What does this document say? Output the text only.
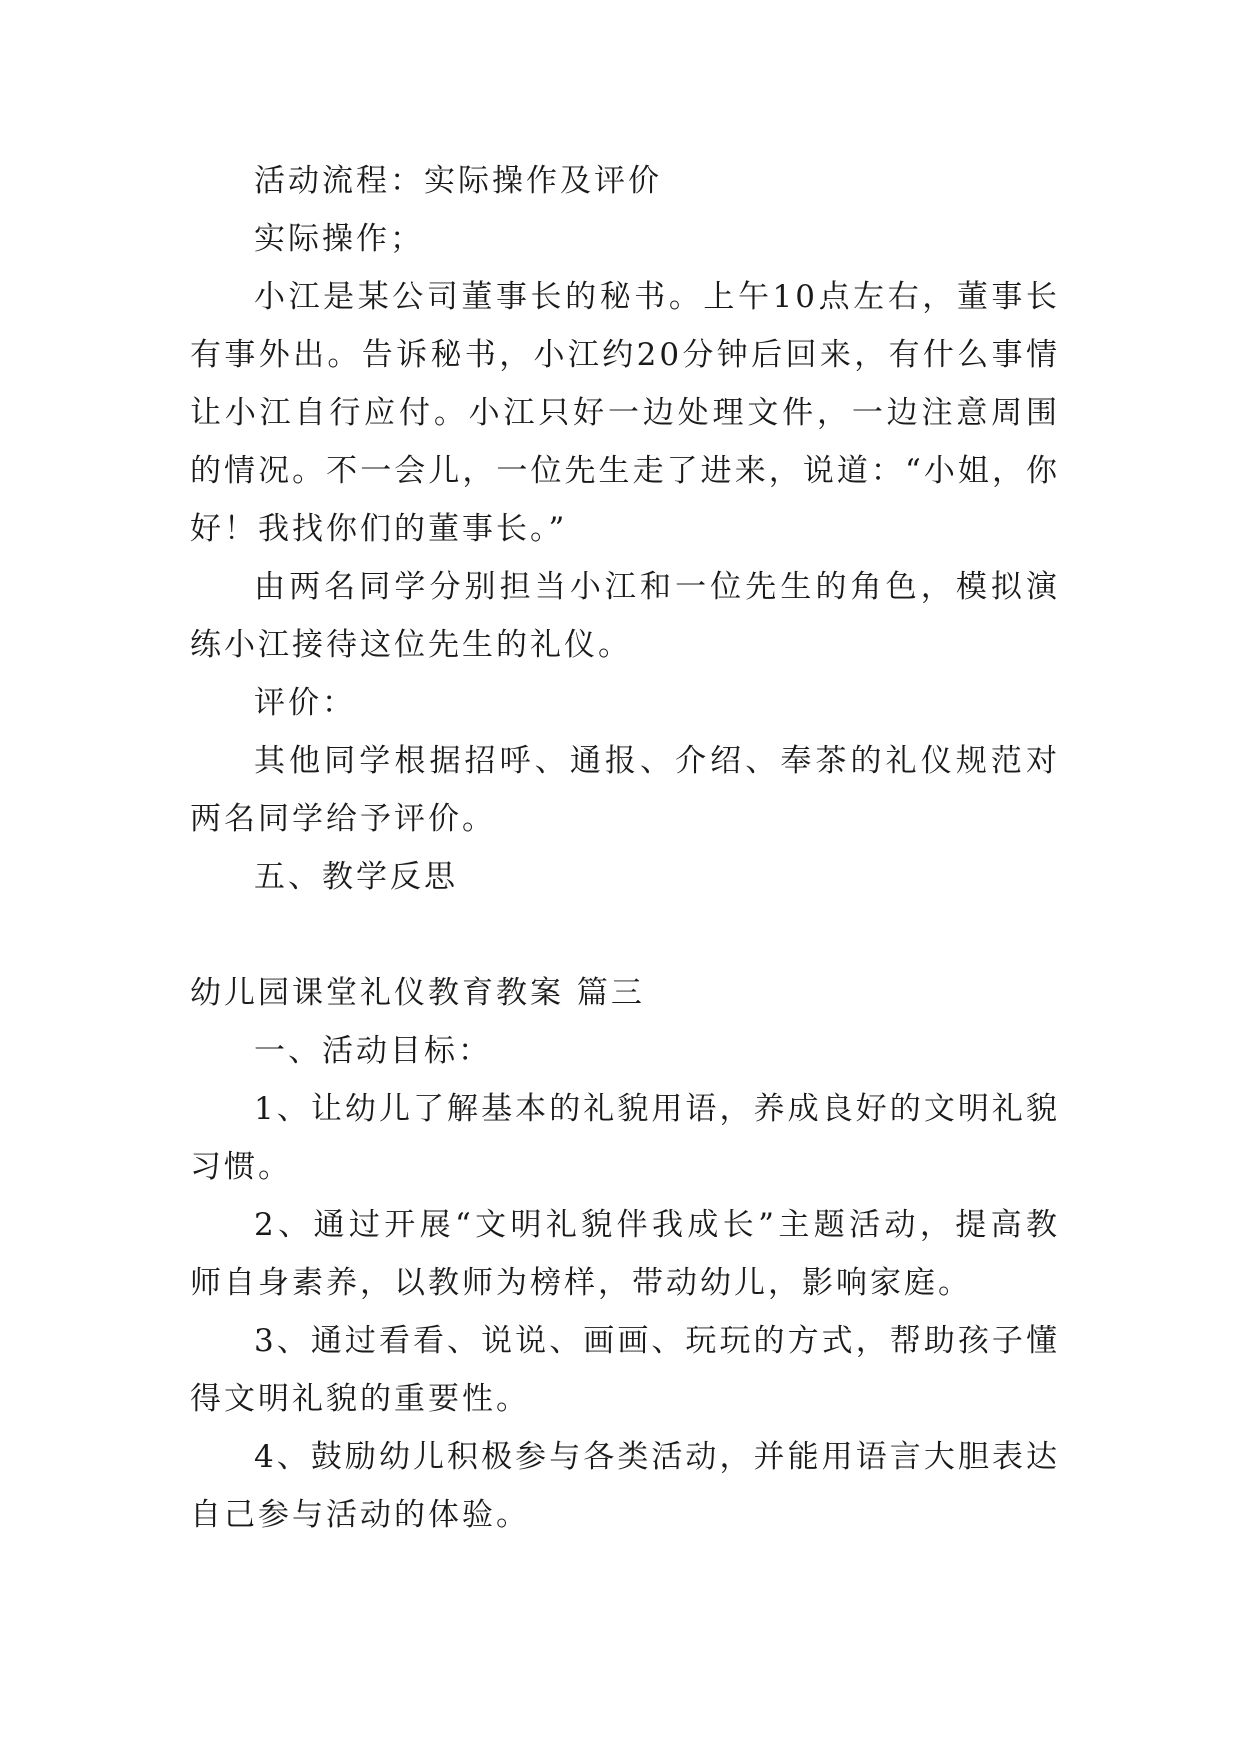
活动流程：实际操作及评价

实际操作；

小江是某公司董事长的秘书。上午10点左右，董事长有事外出。告诉秘书，小江约20分钟后回来，有什么事情让小江自行应付。小江只好一边处理文件，一边注意周围的情况。不一会儿，一位先生走了进来，说道：“小姐，你好！我找你们的董事长。”

由两名同学分别担当小江和一位先生的角色，模拟演练小江接待这位先生的礼仪。

评价：

其他同学根据招呼、通报、介绍、奉茶的礼仪规范对两名同学给予评价。

五、教学反思

幼儿园课堂礼仪教育教案 篇三

一、活动目标：

1、让幼儿了解基本的礼貌用语，养成良好的文明礼貌习惯。

2、通过开展“文明礼貌伴我成长”主题活动，提高教师自身素养，以教师为榜样，带动幼儿，影响家庭。

3、通过看看、说说、画画、玩玩的方式，帮助孩子懂得文明礼貌的重要性。

4、鼓励幼儿积极参与各类活动，并能用语言大胆表达自己参与活动的体验。
